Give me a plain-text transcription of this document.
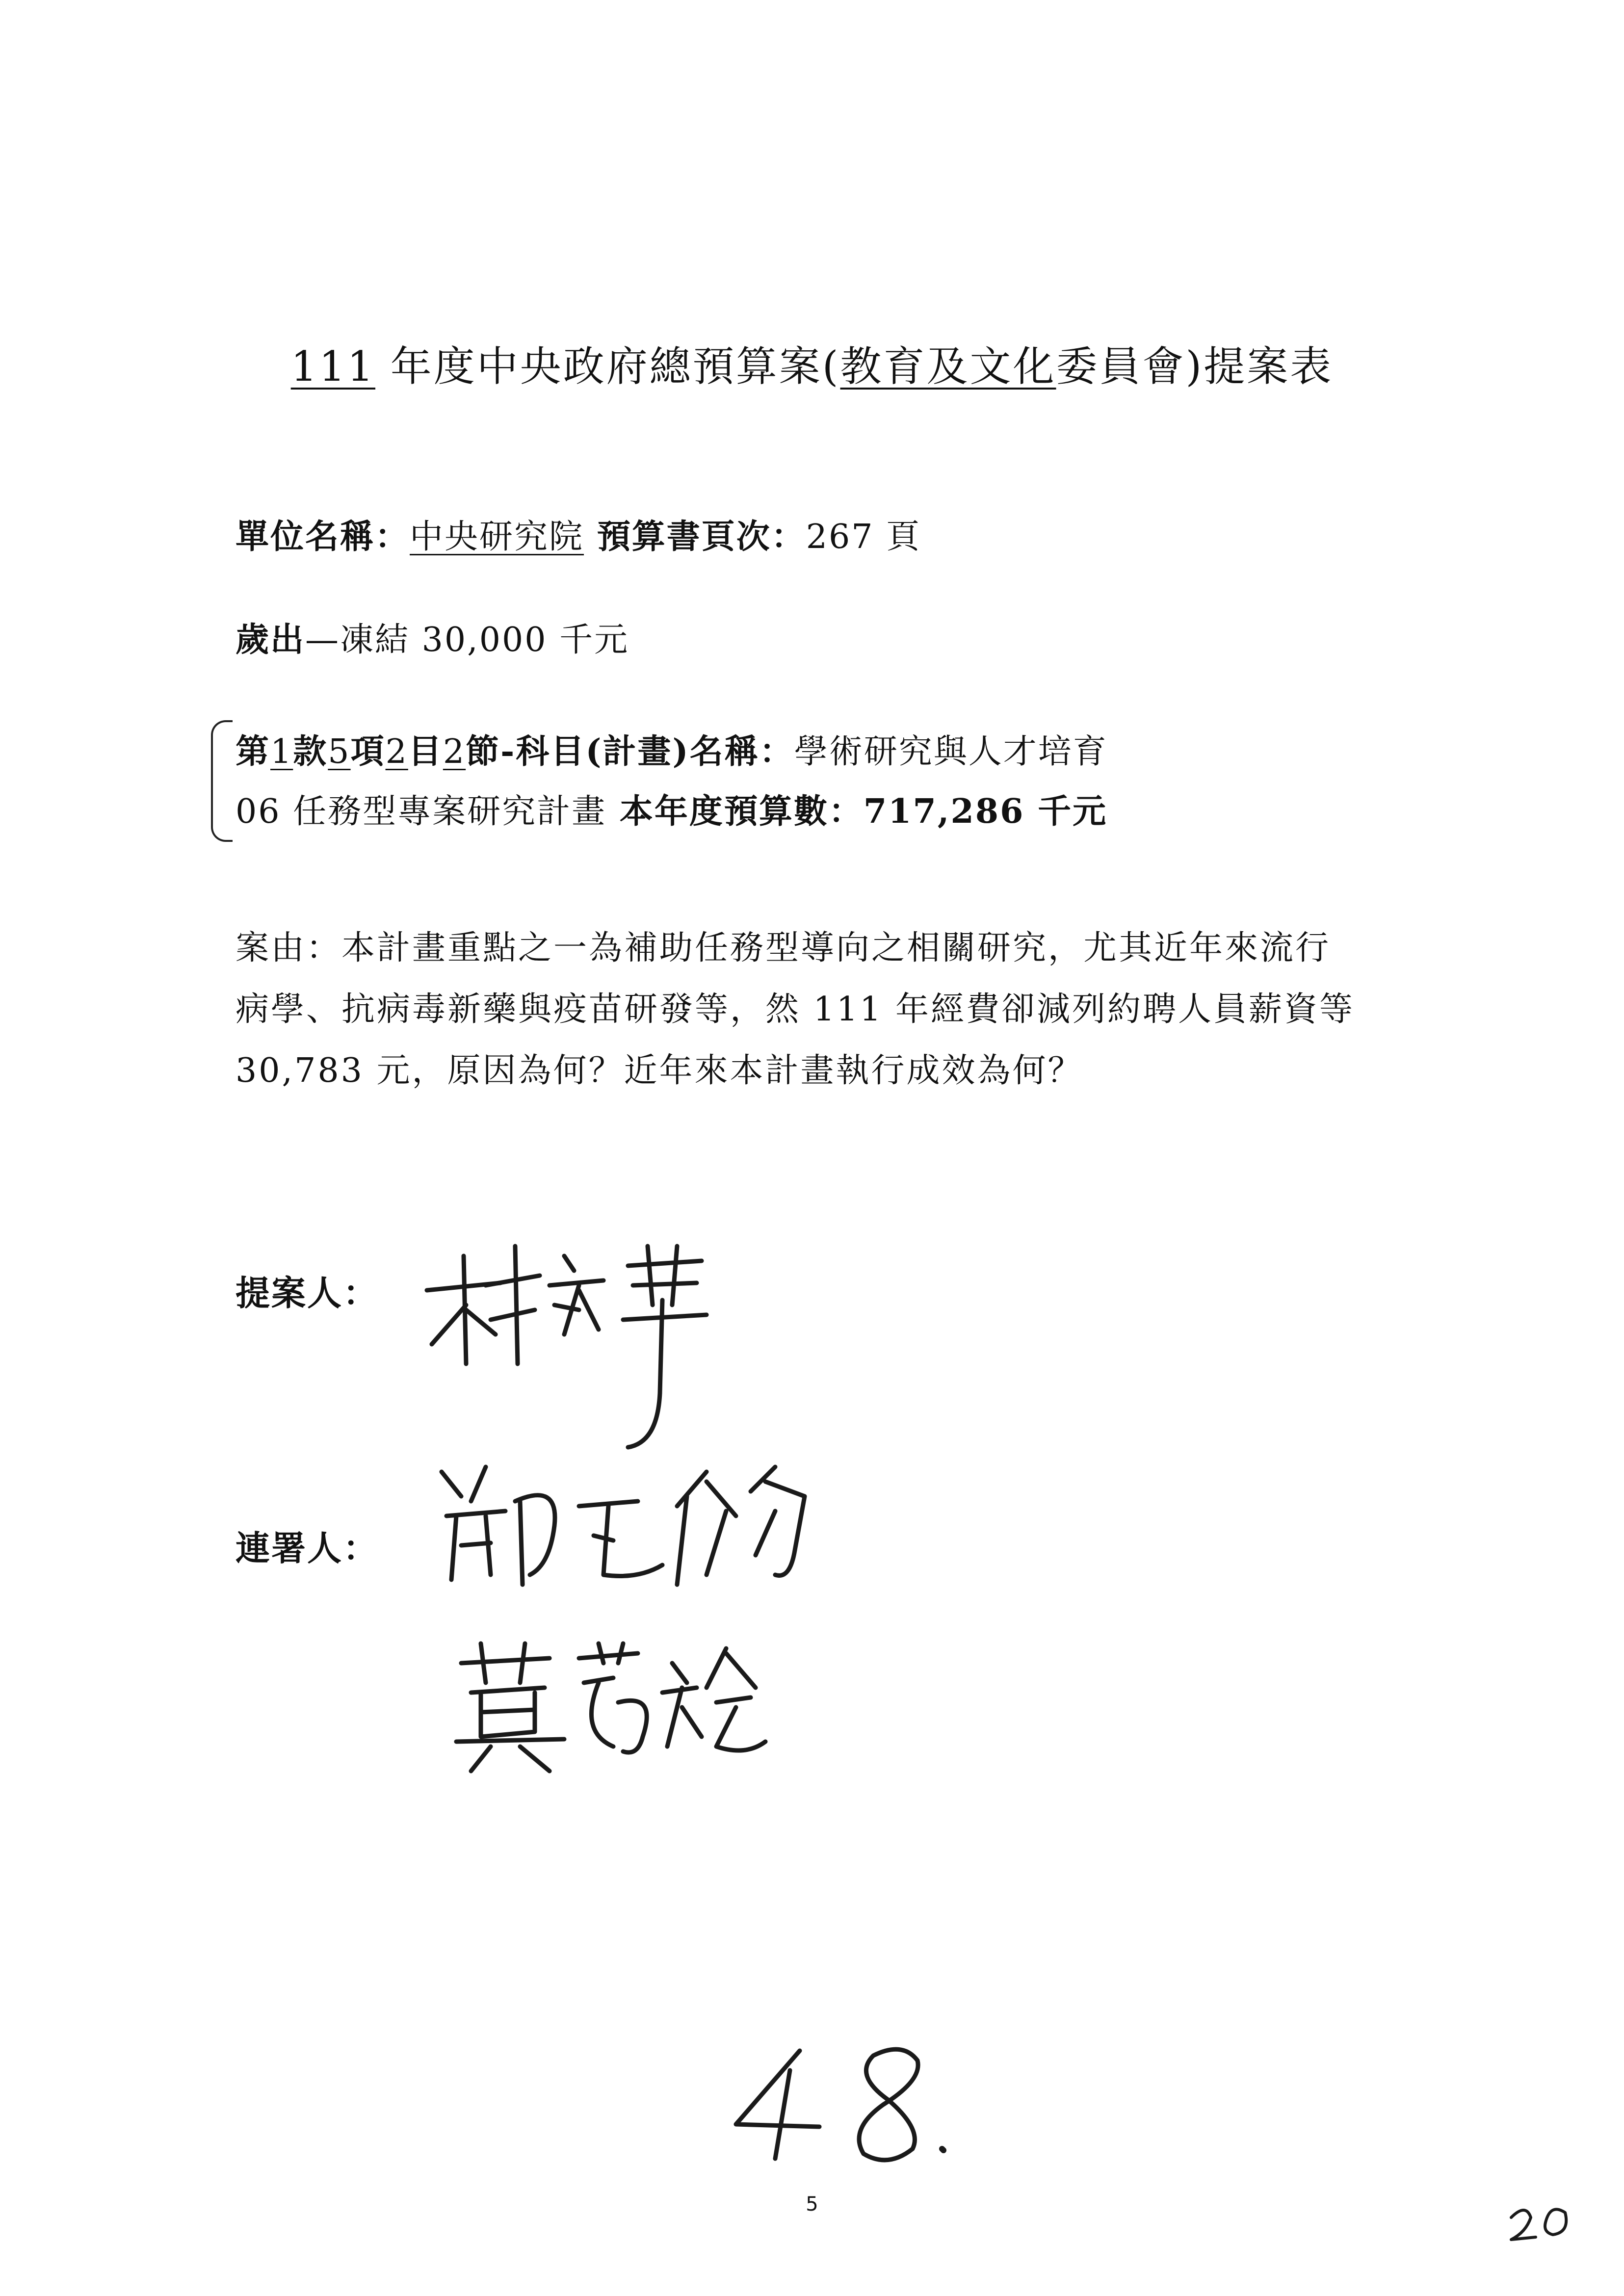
111 年度中央政府總預算案(教育及文化委員會)提案表
單位名稱：中央研究院 預算書頁次：267 頁
歲出—凍結 30,000 千元
第1款5項2目2節-科目(計畫)名稱：學術研究與人才培育
06 任務型專案研究計畫 本年度預算數：717,286 千元
案由：本計畫重點之一為補助任務型導向之相關研究，尤其近年來流行
病學、抗病毒新藥與疫苗研發等，然 111 年經費卻減列約聘人員薪資等
30,783 元，原因為何？近年來本計畫執行成效為何？
提案人：
連署人：
5
